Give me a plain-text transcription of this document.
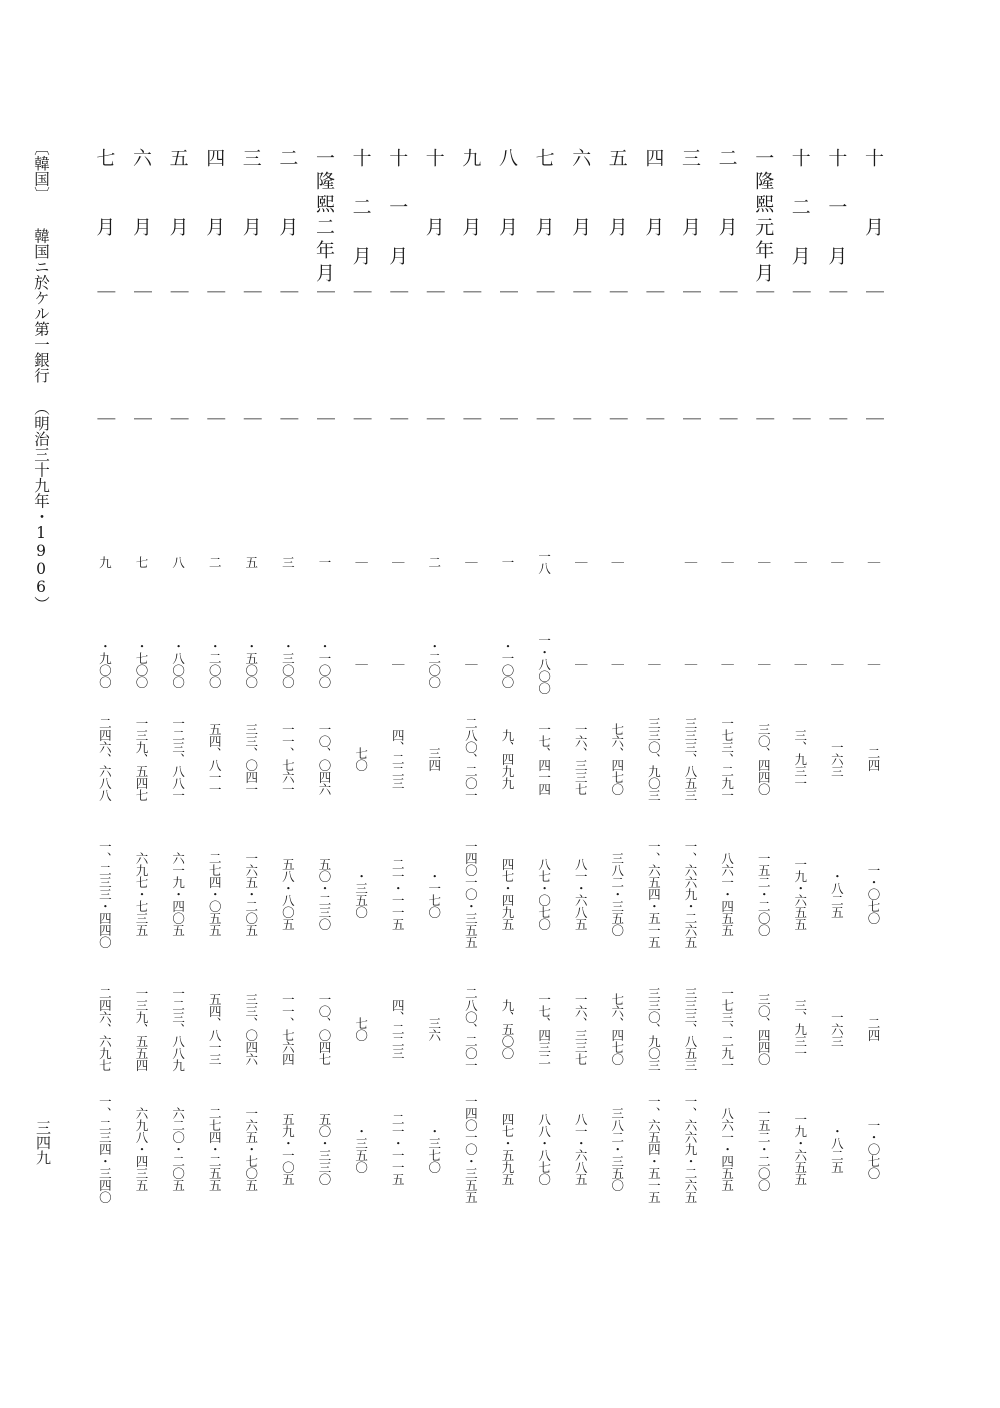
〔韓国〕
韓国ニ於ケル第一銀行
（明治三十九年・1906）
三四九
十　　月
｜
｜
｜
｜
二四
一・〇七〇
二四
一・〇七〇
十 一 月
｜
｜
｜
｜
一六三
・八二五
一六三
・八二五
十 二 月
｜
｜
｜
｜
三、九三一
一九・六五五
三、九三一
一九・六五五
一隆熙元年月
｜
｜
｜
｜
三〇、四四〇
一五二・二〇〇
三〇、四四〇
一五二・二〇〇
二　　月
｜
｜
｜
｜
一七三、二九一
八六一・四五五
一七三、二九一
八六一・四五五
三　　月
｜
｜
｜
｜
三三三、八五三
一、六六九・二六五
三三三、八五三
一、六六九・二六五
四　　月
｜
｜
｜
三三〇、九〇三
一、六五四・五一五
三三〇、九〇三
一、六五四・五一五
五　　月
｜
｜
｜
｜
七六、四七〇
三八二・三五〇
七六、四七〇
三八二・三五〇
六　　月
｜
｜
｜
｜
一六、三三七
八一・六八五
一六、三三七
八一・六八五
七　　月
｜
｜
一八
一・八〇〇
一七、四一四
八七・〇七〇
一七、四三二
八八・八七〇
八　　月
｜
｜
一
・一〇〇
九、四九九
四七・四九五
九、五〇〇
四七・五九五
九　　月
｜
｜
｜
｜
二八〇、二〇一
一四〇一〇・三五五
二八〇、二〇一
一四〇一〇・三五五
十　　月
｜
｜
二
・二〇〇
三四
・一七〇
三六
・三七〇
十 一 月
｜
｜
｜
｜
四、二二三
二一・一一五
四、二二三
二一・一一五
十 二 月
｜
｜
｜
｜
七〇
・三五〇
七〇
・三五〇
一隆熙二年月
｜
｜
一
・一〇〇
一〇、〇四六
五〇・二三〇
一〇、〇四七
五〇・三三〇
二　　月
｜
｜
三
・三〇〇
一一、七六一
五八・八〇五
一一、七六四
五九・一〇五
三　　月
｜
｜
五
・五〇〇
三三、〇四一
一六五・二〇五
三三、〇四六
一六五・七〇五
四　　月
｜
｜
二
・二〇〇
五四、八一一
二七四・〇五五
五四、八一三
二七四・二五五
五　　月
｜
｜
八
・八〇〇
一二三、八八一
六一九・四〇五
一二三、八八九
六二〇・二〇五
六　　月
｜
｜
七
・七〇〇
一三九、五四七
六九七・七三五
一三九、五五四
六九八・四三五
七　　月
｜
｜
九
・九〇〇
二四六、六八八
一、二三三・四四〇
二四六、六九七
一、二三四・三四〇
